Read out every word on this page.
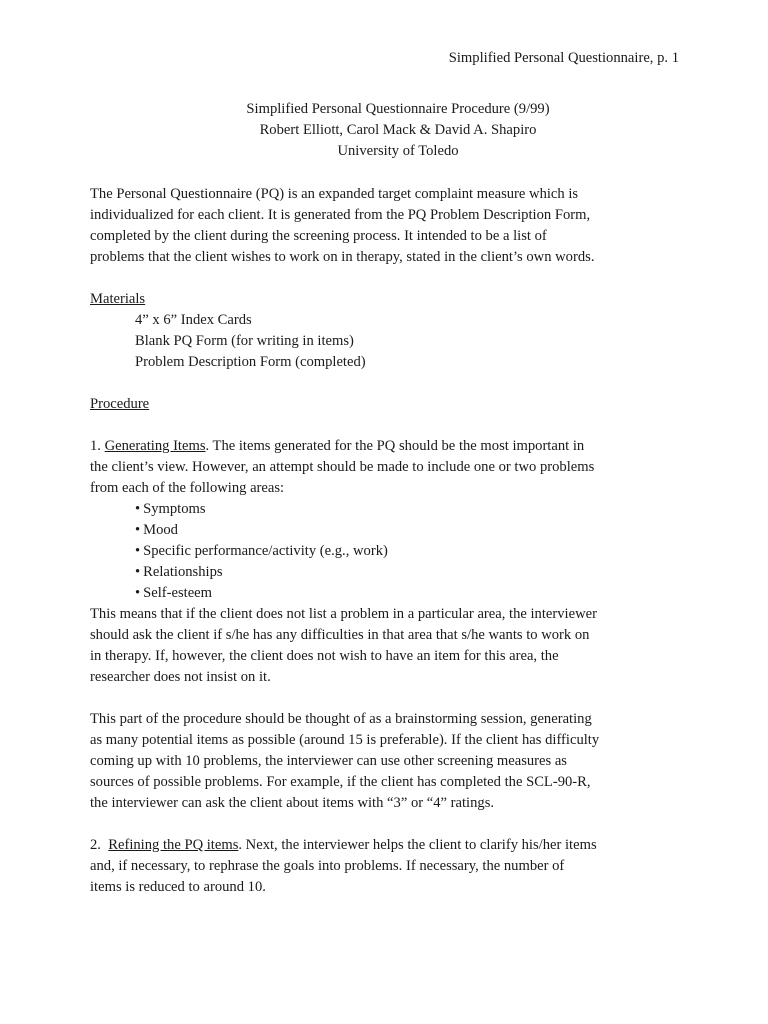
Simplified Personal Questionnaire, p. 1
Simplified Personal Questionnaire Procedure (9/99)
Robert Elliott, Carol Mack & David A. Shapiro
University of Toledo
The Personal Questionnaire (PQ) is an expanded target complaint measure which is
individualized for each client. It is generated from the PQ Problem Description Form,
completed by the client during the screening process. It intended to be a list of
problems that the client wishes to work on in therapy, stated in the client’s own words.
Materials
4” x 6” Index Cards
Blank PQ Form (for writing in items)
Problem Description Form (completed)
Procedure
1. Generating Items. The items generated for the PQ should be the most important in
the client’s view. However, an attempt should be made to include one or two problems
from each of the following areas:
• Symptoms
• Mood
• Specific performance/activity (e.g., work)
• Relationships
• Self-esteem
This means that if the client does not list a problem in a particular area, the interviewer
should ask the client if s/he has any difficulties in that area that s/he wants to work on
in therapy. If, however, the client does not wish to have an item for this area, the
researcher does not insist on it.
This part of the procedure should be thought of as a brainstorming session, generating
as many potential items as possible (around 15 is preferable). If the client has difficulty
coming up with 10 problems, the interviewer can use other screening measures as
sources of possible problems. For example, if the client has completed the SCL-90-R,
the interviewer can ask the client about items with “3” or “4” ratings.
2.  Refining the PQ items. Next, the interviewer helps the client to clarify his/her items
and, if necessary, to rephrase the goals into problems. If necessary, the number of
items is reduced to around 10.
